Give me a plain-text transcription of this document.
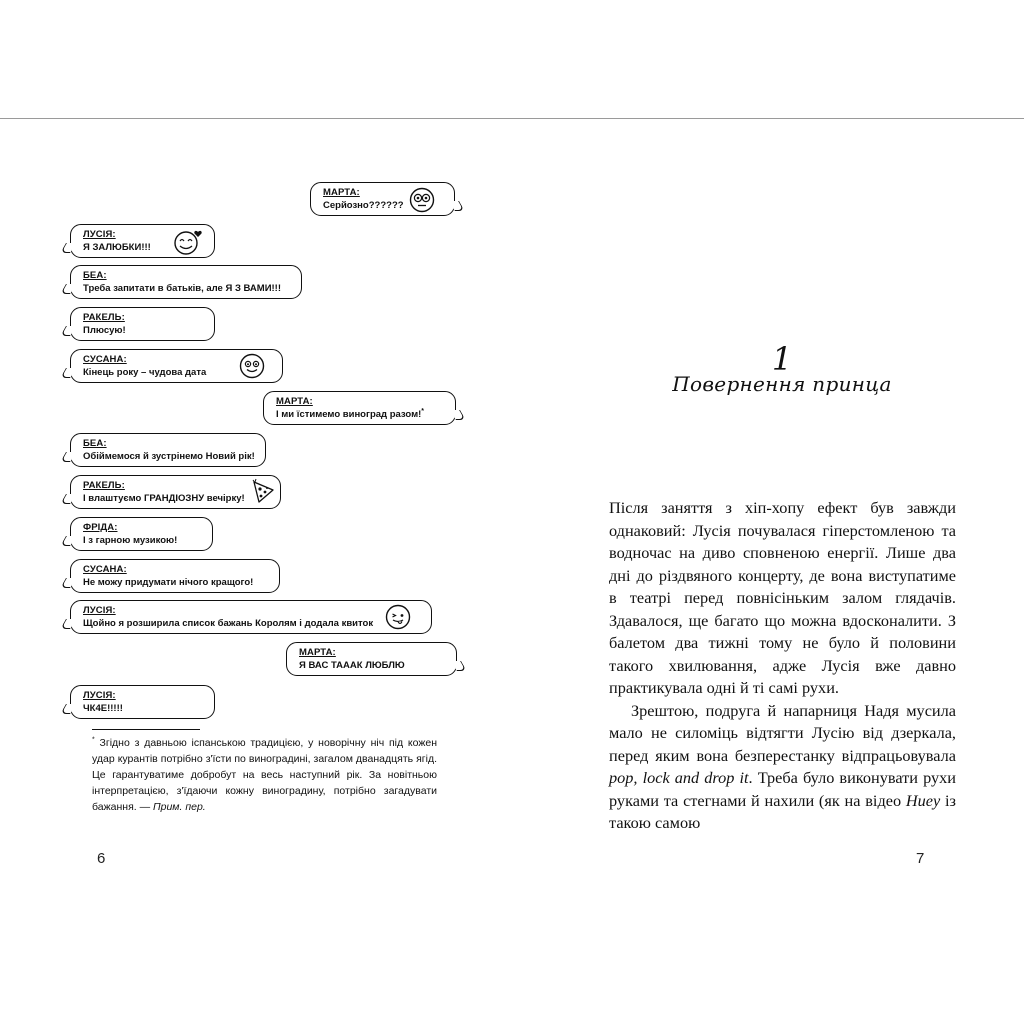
МАРТА:
Серйозно??????
ЛУСІЯ:
Я ЗАЛЮБКИ!!!
БЕА:
Треба запитати в батьків, але Я З ВАМИ!!!
РАКЕЛЬ:
Плюсую!
СУСАНА:
Кінець року – чудова дата
МАРТА:
І ми їстимемо виноград разом!*
БЕА:
Обіймемося й зустрінемо Новий рік!
РАКЕЛЬ:
І влаштуємо ГРАНДІОЗНУ вечірку!
ФРІДА:
І з гарною музикою!
СУСАНА:
Не можу придумати нічого кращого!
ЛУСІЯ:
Щойно я розширила список бажань Королям і додала квиток
МАРТА:
Я ВАС ТАААК ЛЮБЛЮ
ЛУСІЯ:
ЧК4Е!!!!!
* Згідно з давньою іспанською традицією, у новорічну ніч під кожен удар курантів потрібно з'їсти по виноградині, загалом дванадцять ягід. Це гарантуватиме добробут на весь наступний рік. За новітньою інтерпретацією, з'їдаючи кожну виноградину, потрібно загадувати бажання. — Прим. пер.
6
1
Повернення принца

Після заняття з хіп-хопу ефект був завжди однаковий: Лусія почувалася гіперстомленою та водночас на диво сповненою енергії. Лише два дні до різдвяного концерту, де вона виступатиме в театрі перед повнісіньким залом глядачів. Здавалося, ще багато що можна вдосконалити. З балетом два тижні тому не було й половини такого хвилювання, адже Лусія вже давно практикувала одні й ті самі рухи.

Зрештою, подруга й напарниця Надя мусила мало не силоміць відтягти Лусію від дзеркала, перед яким вона безперестанку відпрацьовувала pop, lock and drop it. Треба було виконувати рухи руками та стегнами й нахили (як на відео Huey із такою самою

7
